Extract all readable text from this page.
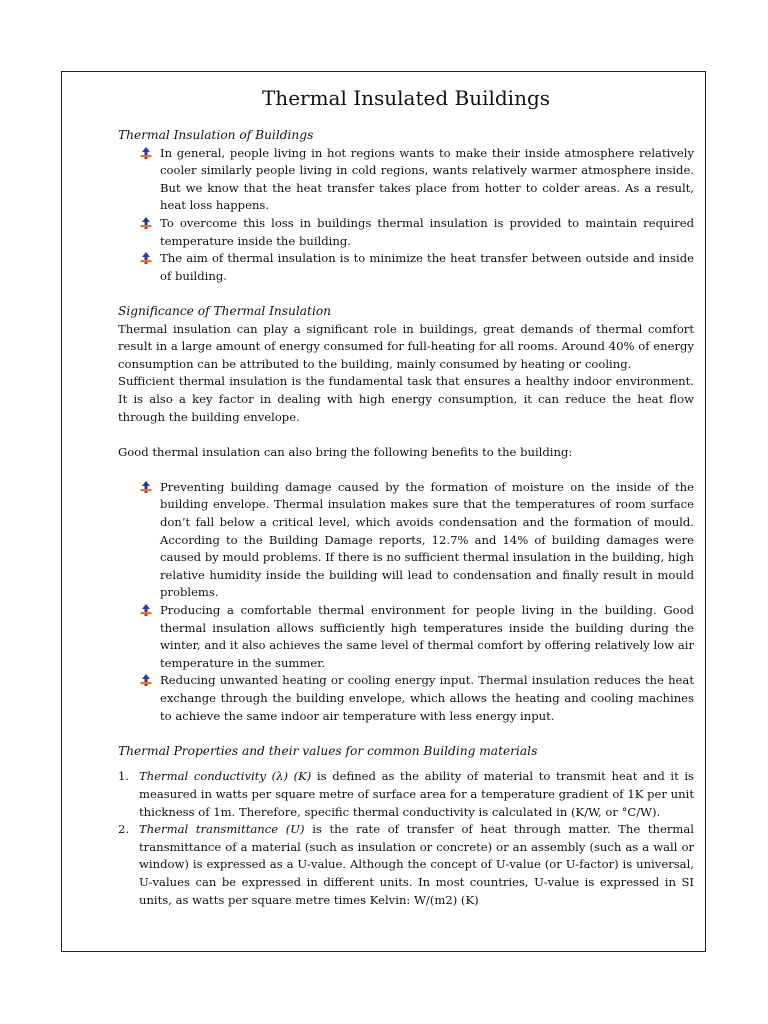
Thermal Insulated Buildings
Thermal Insulation of Buildings
In general, people living in hot regions wants to make their inside atmosphere relatively cooler similarly people living in cold regions, wants relatively warmer atmosphere inside. But we know that the heat transfer takes place from hotter to colder areas. As a result, heat loss happens.
To overcome this loss in buildings thermal insulation is provided to maintain required temperature inside the building.
The aim of thermal insulation is to minimize the heat transfer between outside and inside of building.
Significance of Thermal Insulation

Thermal insulation can play a significant role in buildings, great demands of thermal comfort result in a large amount of energy consumed for full-heating for all rooms. Around 40% of energy consumption can be attributed to the building, mainly consumed by heating or cooling.

Sufficient thermal insulation is the fundamental task that ensures a healthy indoor environment. It is also a key factor in dealing with high energy consumption, it can reduce the heat flow through the building envelope.

Good thermal insulation can also bring the following benefits to the building:

Preventing building damage caused by the formation of moisture on the inside of the building envelope. Thermal insulation makes sure that the temperatures of room surface don’t fall below a critical level, which avoids condensation and the formation of mould. According to the Building Damage reports, 12.7% and 14% of building damages were caused by mould problems. If there is no sufficient thermal insulation in the building, high relative humidity inside the building will lead to condensation and finally result in mould problems.
Producing a comfortable thermal environment for people living in the building. Good thermal insulation allows sufficiently high temperatures inside the building during the winter, and it also achieves the same level of thermal comfort by offering relatively low air temperature in the summer.
Reducing unwanted heating or cooling energy input. Thermal insulation reduces the heat exchange through the building envelope, which allows the heating and cooling machines to achieve the same indoor air temperature with less energy input.
Thermal Properties and their values for common Building materials
1. Thermal conductivity (λ) (K) is defined as the ability of material to transmit heat and it is measured in watts per square metre of surface area for a temperature gradient of 1K per unit thickness of 1m. Therefore, specific thermal conductivity is calculated in (K/W, or °C/W).
2. Thermal transmittance (U) is the rate of transfer of heat through matter. The thermal transmittance of a material (such as insulation or concrete) or an assembly (such as a wall or window) is expressed as a U-value. Although the concept of U-value (or U-factor) is universal, U-values can be expressed in different units. In most countries, U-value is expressed in SI units, as watts per square metre times Kelvin: W/(m2) (K)
